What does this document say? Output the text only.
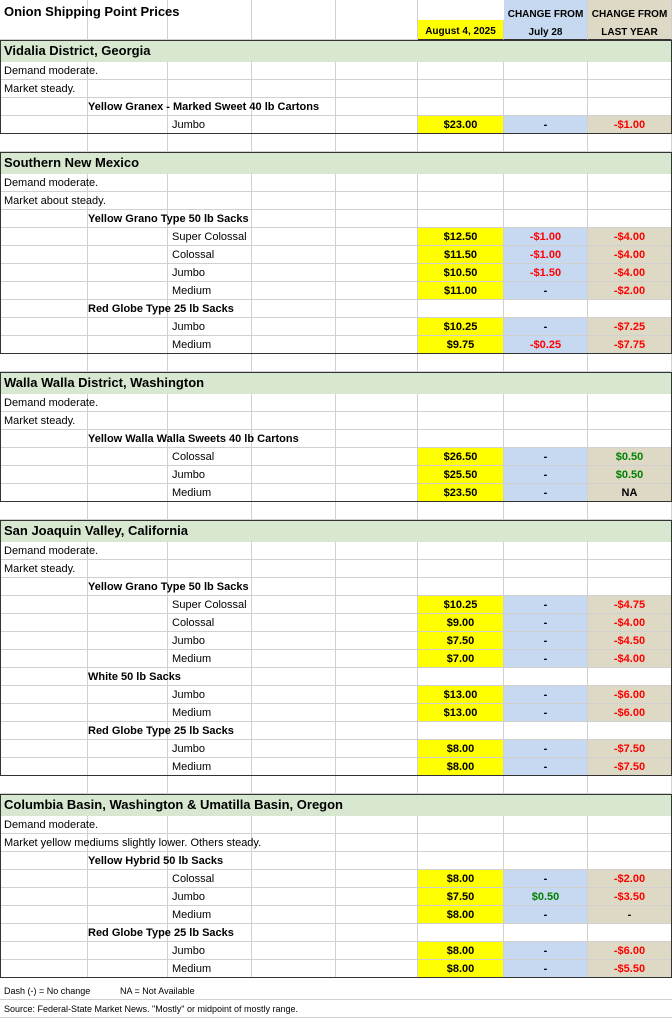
August 4, 2025
CHANGE FROM
July 28
CHANGE FROM
LAST YEAR
Onion Shipping Point Prices
Vidalia District, Georgia
Demand moderate.
Market steady.
Yellow Granex - Marked Sweet 40 lb Cartons
Jumbo	$23.00	-	-$1.00
Southern New Mexico
Demand moderate.
Market about steady.
Yellow Grano Type 50 lb Sacks
Super Colossal	$12.50	-$1.00	-$4.00
Colossal	$11.50	-$1.00	-$4.00
Jumbo	$10.50	-$1.50	-$4.00
Medium	$11.00	-	-$2.00
Red Globe Type 25 lb Sacks
Jumbo	$10.25	-	-$7.25
Medium	$9.75	-$0.25	-$7.75
Walla Walla District, Washington
Demand moderate.
Market steady.
Yellow Walla Walla Sweets 40 lb Cartons
Colossal	$26.50	-	$0.50
Jumbo	$25.50	-	$0.50
Medium	$23.50	-	NA
San Joaquin Valley, California
Demand moderate.
Market steady.
Yellow Grano Type 50 lb Sacks
Super Colossal	$10.25	-	-$4.75
Colossal	$9.00	-	-$4.00
Jumbo	$7.50	-	-$4.50
Medium	$7.00	-	-$4.00
White 50 lb Sacks
Jumbo	$13.00	-	-$6.00
Medium	$13.00	-	-$6.00
Red Globe Type 25 lb Sacks
Jumbo	$8.00	-	-$7.50
Medium	$8.00	-	-$7.50
Columbia Basin, Washington & Umatilla Basin, Oregon
Demand moderate.
Market yellow mediums slightly lower. Others steady.
Yellow Hybrid 50 lb Sacks
Colossal	$8.00	-	-$2.00
Jumbo	$7.50	$0.50	-$3.50
Medium	$8.00	-	-
Red Globe Type 25 lb Sacks
Jumbo	$8.00	-	-$6.00
Medium	$8.00	-	-$5.50
Dash (-) = No change	NA = Not Available
Source: Federal-State Market News. "Mostly" or midpoint of mostly range.
